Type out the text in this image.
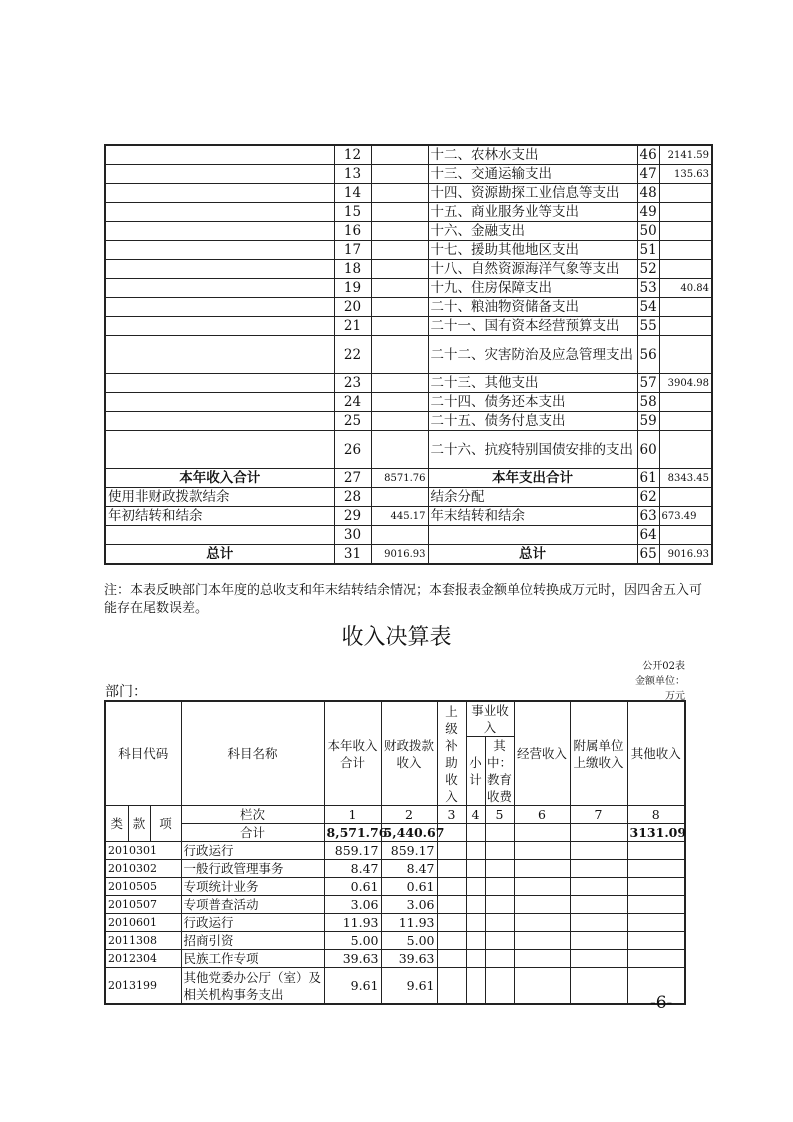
	12		十二、农林水支出	46	2141.59
	13		十三、交通运输支出	47	135.63
	14		十四、资源勘探工业信息等支出	48	
	15		十五、商业服务业等支出	49	
	16		十六、金融支出	50	
	17		十七、援助其他地区支出	51	
	18		十八、自然资源海洋气象等支出	52	
	19		十九、住房保障支出	53	40.84
	20		二十、粮油物资储备支出	54	
	21		二十一、国有资本经营预算支出	55	
	22		二十二、灾害防治及应急管理支出	56	
	23		二十三、其他支出	57	3904.98
	24		二十四、债务还本支出	58	
	25		二十五、债务付息支出	59	
	26		二十六、抗疫特别国债安排的支出	60	
本年收入合计	27	8571.76	本年支出合计	61	8343.45
使用非财政拨款结余	28		结余分配	62	
年初结转和结余	29	445.17	年末结转和结余	63	673.49
	30			64	
总计	31	9016.93	总计	65	9016.93
注：本表反映部门本年度的总收支和年末结转结余情况；本套报表金额单位转换成万元时，因四舍五入可能存在尾数误差。
收入决算表
公开02表
金额单位：
万元
部门：
科目代码			科目名称	本年收入合计	财政拨款收入	上级补助收入	事业收入		经营收入	附属单位上缴收入	其他收入
							小计	其中：教育收费			
类	款	项	栏次	1	2	3	4	5	6	7	8
			合计	8,571.76	5,440.67						3131.09
2010301			行政运行	859.17	859.17						
2010302			一般行政管理事务	8.47	8.47						
2010505			专项统计业务	0.61	0.61						
2010507			专项普查活动	3.06	3.06						
2010601			行政运行	11.93	11.93						
2011308			招商引资	5.00	5.00						
2012304			民族工作专项	39.63	39.63						
2013199			其他党委办公厅（室）及相关机构事务支出	9.61	9.61						
-6-
